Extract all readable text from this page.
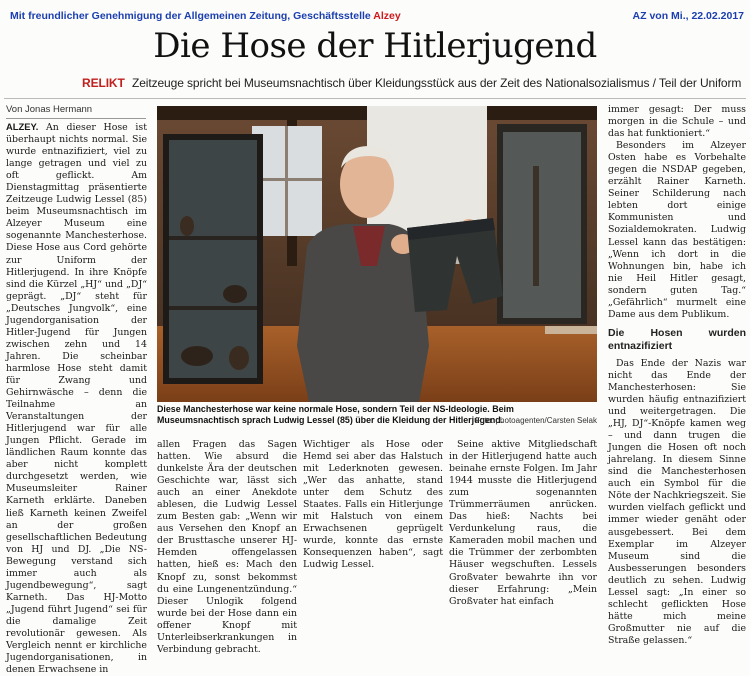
Mit freundlicher Genehmigung der Allgemeinen Zeitung, Geschäftsstelle Alzey	AZ von Mi., 22.02.2017
Die Hose der Hitlerjugend
RELIKT Zeitzeuge spricht bei Museumsnachtisch über Kleidungsstück aus der Zeit des Nationalsozialismus / Teil der Uniform
Von Jonas Hermann

ALZEY. An dieser Hose ist überhaupt nichts normal. Sie wurde entnazifiziert, viel zu lange getragen und viel zu oft geflickt. Am Dienstagmittag präsentierte Zeitzeuge Ludwig Lessel (85) beim Museumsnachtisch im Alzeyer Museum eine sogenannte Manchesterhose. Diese Hose aus Cord gehörte zur Uniform der Hitlerjugend. In ihre Knöpfe sind die Kürzel „HJ“ und „DJ“ geprägt. „DJ“ steht für „Deutsches Jungvolk“, eine Jugendorganisation der Hitler-Jugend für Jungen zwischen zehn und 14 Jahren. Die scheinbar harmlose Hose steht damit für Zwang und Gehirnwäsche – denn die Teilnahme an Veranstaltungen der Hitlerjugend war für alle Jungen Pflicht. Gerade im ländlichen Raum konnte das aber nicht komplett durchgesetzt werden, wie Museumsleiter Rainer Karneth erklärte. Daneben ließ Karneth keinen Zweifel an der großen gesellschaftlichen Bedeutung von HJ und DJ. „Die NS-Bewegung verstand sich immer auch als Jugendbewegung“, sagt Karneth. Das HJ-Motto „Jugend führt Jugend“ sei für die damalige Zeit revolutionär gewesen. Als Vergleich nennt er kirchliche Jugendorganisationen, in denen Erwachsene in

Diese Manchesterhose war keine normale Hose, sondern Teil der NS-Ideologie. Beim Museumsnachtisch sprach Ludwig Lessel (85) über die Kleidung der Hitlerjugend.
Foto: photoagenten/Carsten Selak

allen Fragen das Sagen hatten. Wie absurd die dunkelste Ära der deutschen Geschichte war, lässt sich auch an einer Anekdote ablesen, die Ludwig Lessel zum Besten gab: „Wenn wir aus Versehen den Knopf an der Brusttasche unserer HJ-Hemden offengelassen hatten, hieß es: Mach den Knopf zu, sonst bekommst du eine Lungenentzündung.“ Dieser Unlogik folgend wurde bei der Hose dann ein offener Knopf mit Unterleibserkrankungen in Verbindung gebracht.

Wichtiger als Hose oder Hemd sei aber das Halstuch mit Lederknoten gewesen. „Wer das anhatte, stand unter dem Schutz des Staates. Falls ein Hitlerjunge mit Halstuch von einem Erwachsenen geprügelt wurde, konnte das ernste Konsequenzen haben“, sagt Ludwig Lessel.

Seine aktive Mitgliedschaft in der Hitlerjugend hatte auch beinahe ernste Folgen. Im Jahr 1944 musste die Hitlerjugend zum sogenannten Trümmerräumen anrücken. Das hieß: Nachts bei Verdunkelung raus, die Kameraden mobil machen und die Trümmer der zerbombten Häuser wegschuften. Lessels Großvater bewahrte ihn vor dieser Erfahrung: „Mein Großvater hat einfach

immer gesagt: Der muss morgen in die Schule – und das hat funktioniert.“

Besonders im Alzeyer Osten habe es Vorbehalte gegen die NSDAP gegeben, erzählt Rainer Karneth. Seiner Schilderung nach lebten dort einige Kommunisten und Sozialdemokraten. Ludwig Lessel kann das bestätigen: „Wenn ich dort in die Wohnungen bin, habe ich nie Heil Hitler gesagt, sondern guten Tag.“ „Gefährlich“ murmelt eine Dame aus dem Publikum.

Die Hosen wurden entnazifiziert

Das Ende der Nazis war nicht das Ende der Manchesterhosen: Sie wurden häufig entnazifiziert und weitergetragen. Die „HJ, DJ“-Knöpfe kamen weg – und dann trugen die Jungen die Hosen oft noch jahrelang. In diesem Sinne sind die Manchesterhosen auch ein Symbol für die Nöte der Nachkriegszeit. Sie wurden vielfach geflickt und immer wieder genäht oder ausgebessert. Bei dem Exemplar im Alzeyer Museum sind die Ausbesserungen besonders deutlich zu sehen. Ludwig Lessel sagt: „In einer so schlecht geflickten Hose hätte mich meine Großmutter nie auf die Straße gelassen.“
